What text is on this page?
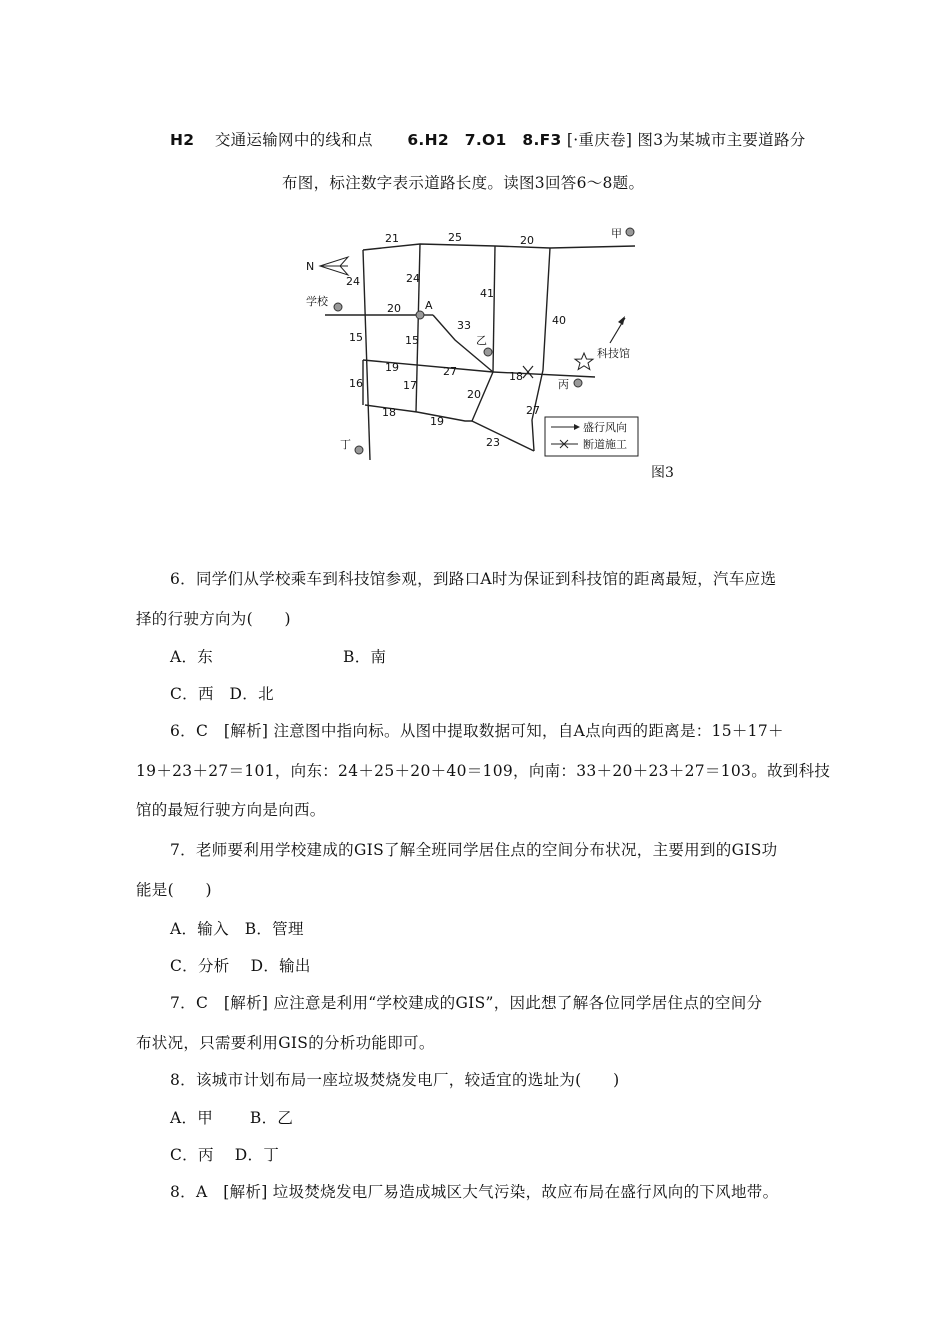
H2 交通运输网中的线和点 6.H2　7.O1　8.F3 [·重庆卷] 图3为某城市主要道路分
布图，标注数字表示道路长度。读图3回答6～8题。
N
学校	A
甲
乙
丙
丁
科技馆
21	25	20
24	24
41
20
40
33
15	15
19	27	18
16	17
20
18
19
27
23
盛行风向
断道施工
图3
6．同学们从学校乘车到科技馆参观，到路口A时为保证到科技馆的距离最短，汽车应选
择的行驶方向为(　　)
A．东	B．南
C．西　D．北
6．C　[解析] 注意图中指向标。从图中提取数据可知，自A点向西的距离是：15＋17＋
19＋23＋27＝101，向东：24＋25＋20＋40＝109，向南：33＋20＋23＋27＝103。故到科技
馆的最短行驶方向是向西。
7．老师要利用学校建成的GIS了解全班同学居住点的空间分布状况，主要用到的GIS功
能是(　　)
A．输入　B．管理
C．分析　 D．输出
7．C　[解析] 应注意是利用“学校建成的GIS”，因此想了解各位同学居住点的空间分
布状况，只需要利用GIS的分析功能即可。
8．该城市计划布局一座垃圾焚烧发电厂，较适宜的选址为(　　)
A．甲　　 B．乙
C．丙　 D．丁
8．A　[解析] 垃圾焚烧发电厂易造成城区大气污染，故应布局在盛行风向的下风地带。
